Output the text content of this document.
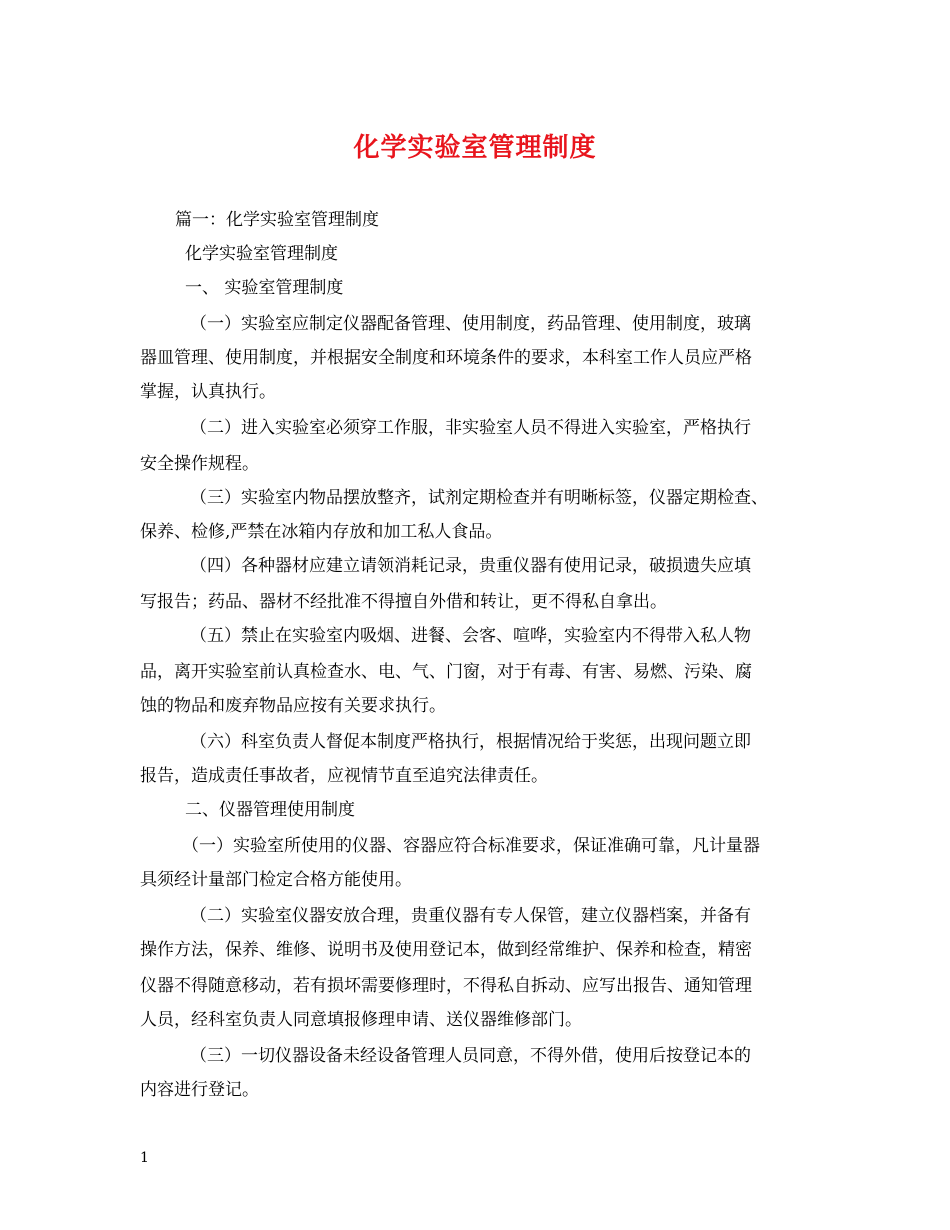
化学实验室管理制度
篇一：化学实验室管理制度
化学实验室管理制度
一、 实验室管理制度
（一）实验室应制定仪器配备管理、使用制度，药品管理、使用制度，玻璃
器皿管理、使用制度，并根据安全制度和环境条件的要求，本科室工作人员应严格
掌握，认真执行。
（二）进入实验室必须穿工作服，非实验室人员不得进入实验室，严格执行
安全操作规程。
（三）实验室内物品摆放整齐，试剂定期检查并有明晰标签，仪器定期检查、
保养、检修,严禁在冰箱内存放和加工私人食品。
（四）各种器材应建立请领消耗记录，贵重仪器有使用记录，破损遗失应填
写报告；药品、器材不经批准不得擅自外借和转让，更不得私自拿出。
（五）禁止在实验室内吸烟、进餐、会客、喧哗，实验室内不得带入私人物
品，离开实验室前认真检查水、电、气、门窗，对于有毒、有害、易燃、污染、腐
蚀的物品和废弃物品应按有关要求执行。
（六）科室负责人督促本制度严格执行，根据情况给于奖惩，出现问题立即
报告，造成责任事故者，应视情节直至追究法律责任。
二、仪器管理使用制度
（一）实验室所使用的仪器、容器应符合标准要求，保证准确可靠，凡计量器
具须经计量部门检定合格方能使用。
（二）实验室仪器安放合理，贵重仪器有专人保管，建立仪器档案，并备有
操作方法，保养、维修、说明书及使用登记本，做到经常维护、保养和检查，精密
仪器不得随意移动，若有损坏需要修理时，不得私自拆动、应写出报告、通知管理
人员，经科室负责人同意填报修理申请、送仪器维修部门。
（三）一切仪器设备未经设备管理人员同意，不得外借，使用后按登记本的
内容进行登记。
1
